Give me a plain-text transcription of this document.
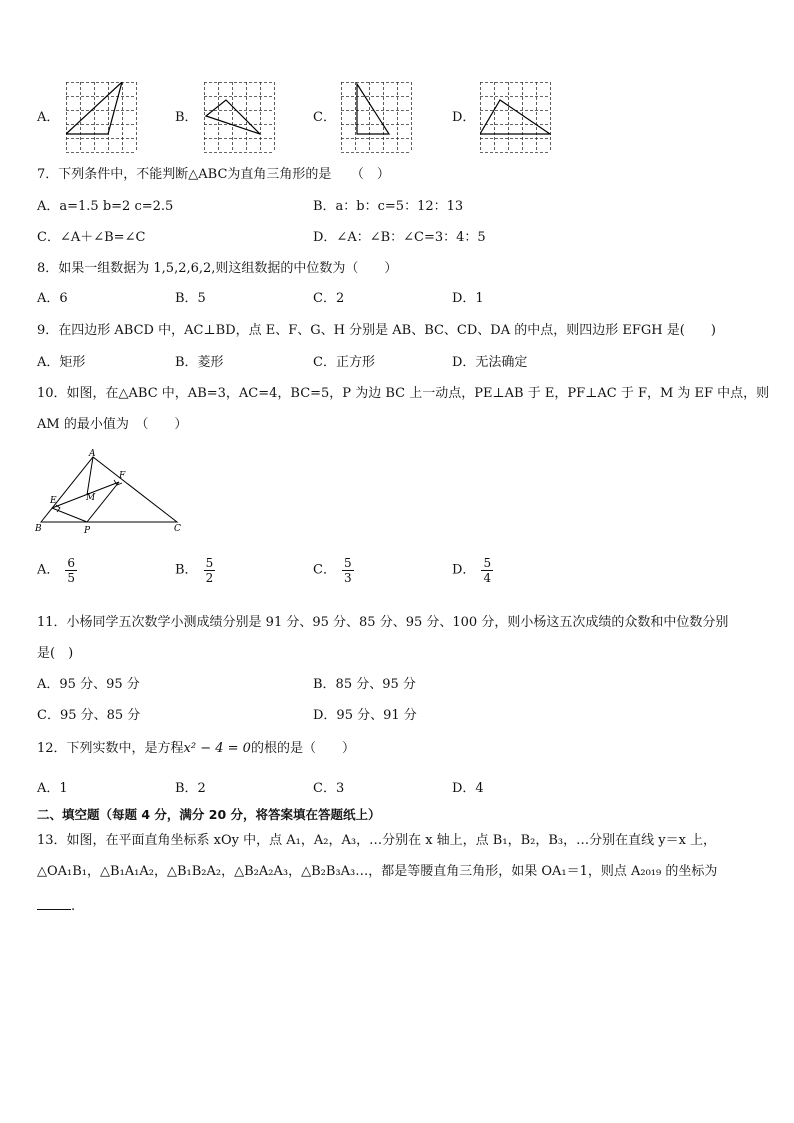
A．	B．	C．	D．
7．下列条件中，不能判断△ABC为直角三角形的是　　（　）
A．a=1.5 b=2 c=2.5	B．a：b：c=5：12：13
C．∠A＋∠B=∠C	D．∠A：∠B：∠C=3：4：5
8．如果一组数据为 1,5,2,6,2,则这组数据的中位数为（　　）
A．6	B．5	C．2	D．1
9．在四边形 ABCD 中，AC⊥BD，点 E、F、G、H 分别是 AB、BC、CD、DA 的中点，则四边形 EFGH 是(　　)
A．矩形	B．菱形	C．正方形	D．无法确定
10．如图，在△ABC 中，AB=3，AC=4，BC=5，P 为边 BC 上一动点，PE⊥AB 于 E，PF⊥AC 于 F，M 为 EF 中点，则
AM 的最小值为　（　　）
A
B	C
E
F
M
P
A． $\frac{6}{5}$	B． $\frac{5}{2}$	C． $\frac{5}{3}$	D． $\frac{5}{4}$
11．小杨同学五次数学小测成绩分别是 91 分、95 分、85 分、95 分、100 分，则小杨这五次成绩的众数和中位数分别
是(　)
A．95 分、95 分	B．85 分、95 分
C．95 分、85 分	D．95 分、91 分
12．下列实数中，是方程x² − 4 = 0的根的是（　　）
A．1	B．2	C．3	D．4
二、填空题（每题 4 分，满分 20 分，将答案填在答题纸上）
13．如图，在平面直角坐标系 xOy 中，点 A₁，A₂，A₃，…分别在 x 轴上，点 B₁，B₂，B₃，…分别在直线 y＝x 上，
△OA₁B₁，△B₁A₁A₂，△B₁B₂A₂，△B₂A₂A₃，△B₂B₃A₃…，都是等腰直角三角形，如果 OA₁＝1，则点 A₂₀₁₉ 的坐标为
.
